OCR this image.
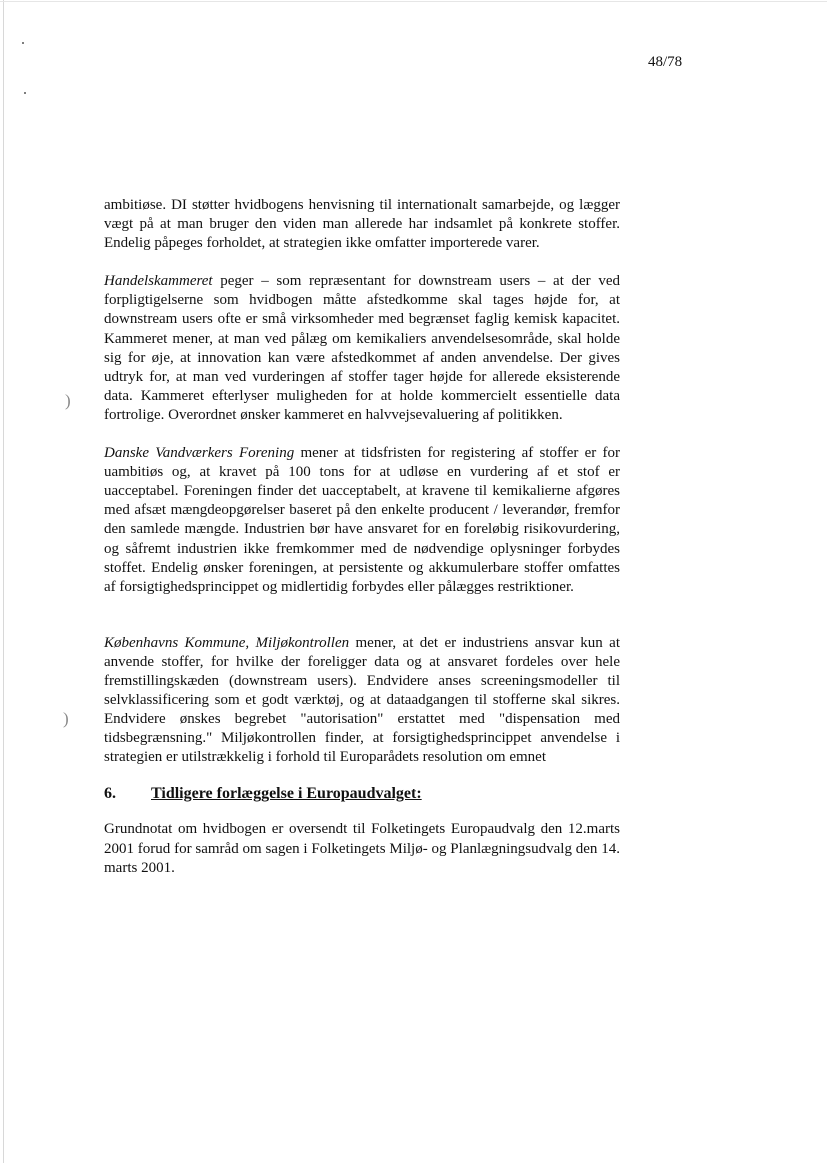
48/78
)
)

ambitiøse. DI støtter hvidbogens henvisning til internationalt samarbejde, og lægger vægt på at man bruger den viden man allerede har indsamlet på konkrete stoffer. Endelig påpeges forholdet, at strategien ikke omfatter importerede varer.

Handelskammeret peger – som repræsentant for downstream users – at der ved forpligtigelserne som hvidbogen måtte afstedkomme skal tages højde for, at downstream users ofte er små virksomheder med begrænset faglig kemisk kapacitet. Kammeret mener, at man ved pålæg om kemikaliers anvendelsesområde, skal holde sig for øje, at innovation kan være afstedkommet af anden anvendelse. Der gives udtryk for, at man ved vurderingen af stoffer tager højde for allerede eksisterende data. Kammeret efterlyser muligheden for at holde kommercielt essentielle data fortrolige. Overordnet ønsker kammeret en halvvejsevaluering af politikken.

Danske Vandværkers Forening mener at tidsfristen for registering af stoffer er for uambitiøs og, at kravet på 100 tons for at udløse en vurdering af et stof er uacceptabel. Foreningen finder det uacceptabelt, at kravene til kemikalierne afgøres med afsæt mængdeopgørelser baseret på den enkelte producent / leverandør, fremfor den samlede mængde. Industrien bør have ansvaret for en foreløbig risikovurdering, og såfremt industrien ikke fremkommer med de nødvendige oplysninger forbydes stoffet. Endelig ønsker foreningen, at persistente og akkumulerbare stoffer omfattes af forsigtighedsprincippet og midlertidig forbydes eller pålægges restriktioner.

Københavns Kommune, Miljøkontrollen mener, at det er industriens ansvar kun at anvende stoffer, for hvilke der foreligger data og at ansvaret fordeles over hele fremstillingskæden (downstream users). Endvidere anses screeningsmodeller til selvklassificering som et godt værktøj, og at dataadgangen til stofferne skal sikres. Endvidere ønskes begrebet "autorisation" erstattet med "dispensation med tidsbegrænsning." Miljøkontrollen finder, at forsigtighedsprincippet anvendelse i strategien er utilstrækkelig i forhold til Europarådets resolution om emnet

6.	Tidligere forlæggelse i Europaudvalget:

Grundnotat om hvidbogen er oversendt til Folketingets Europaudvalg den 12.marts 2001 forud for samråd om sagen i Folketingets Miljø- og Planlægningsudvalg den 14. marts 2001.
